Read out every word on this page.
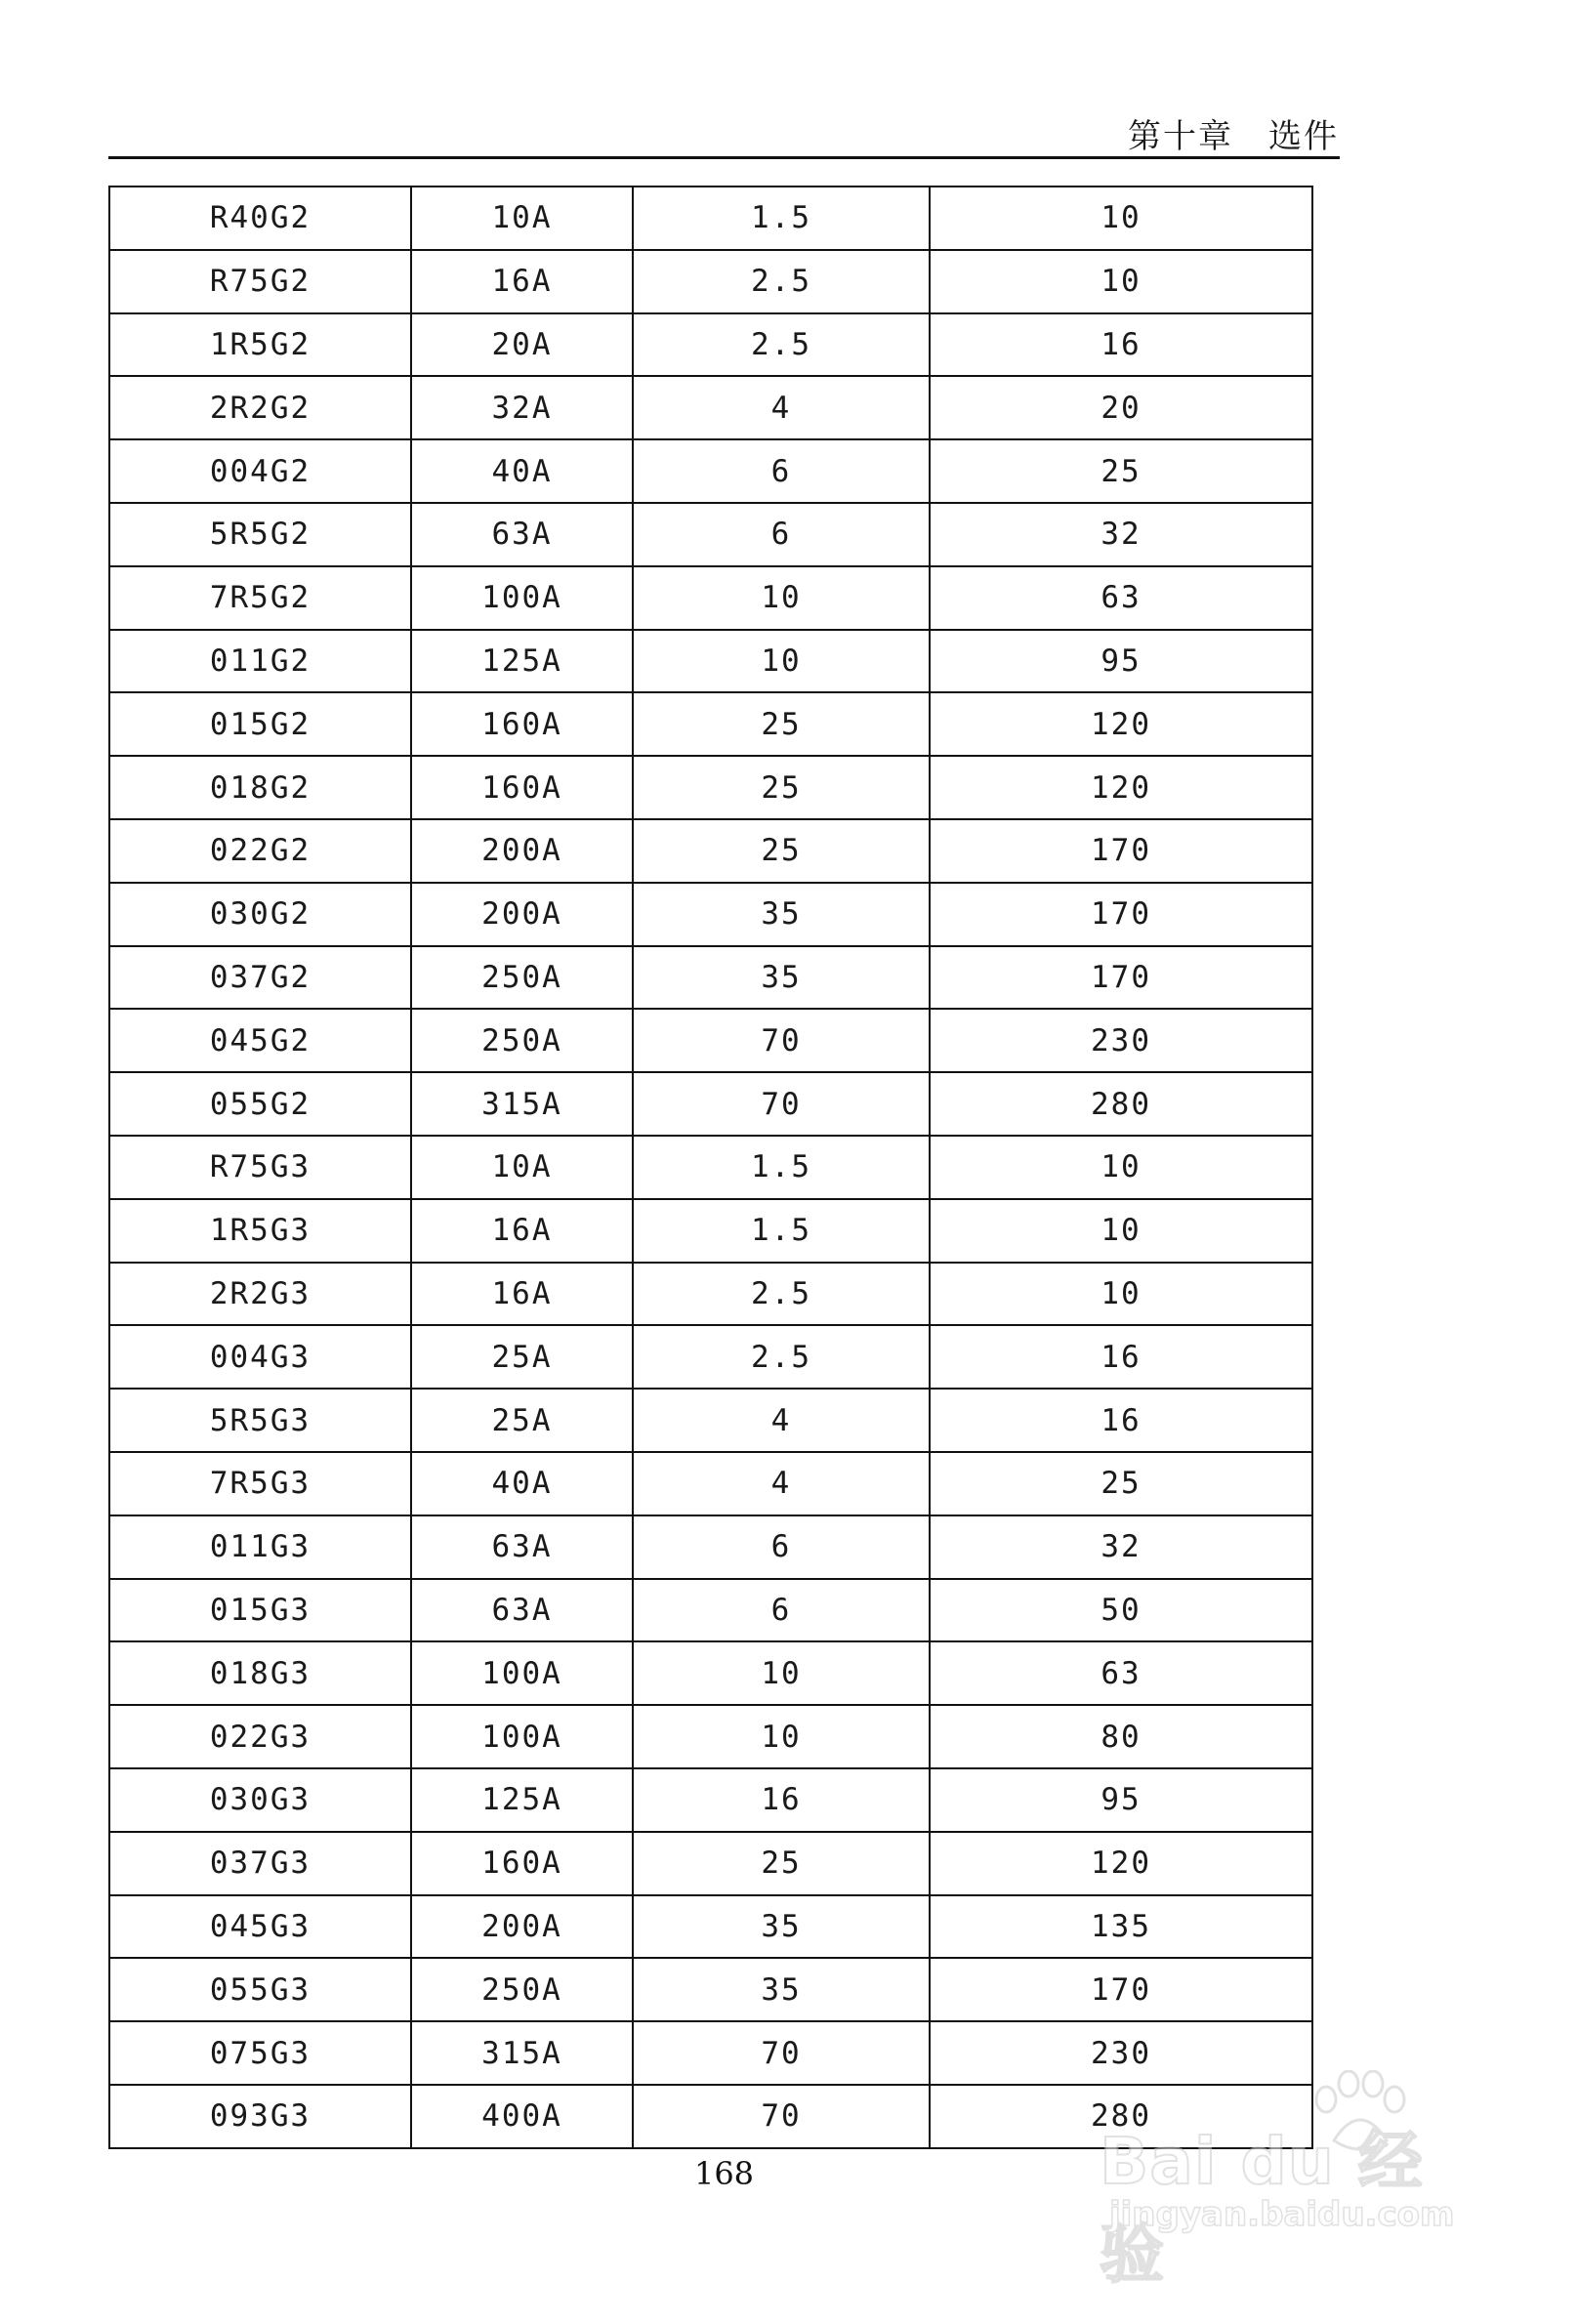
第十章　选件
R40G2	10A	1.5	10
R75G2	16A	2.5	10
1R5G2	20A	2.5	16
2R2G2	32A	4	20
004G2	40A	6	25
5R5G2	63A	6	32
7R5G2	100A	10	63
011G2	125A	10	95
015G2	160A	25	120
018G2	160A	25	120
022G2	200A	25	170
030G2	200A	35	170
037G2	250A	35	170
045G2	250A	70	230
055G2	315A	70	280
R75G3	10A	1.5	10
1R5G3	16A	1.5	10
2R2G3	16A	2.5	10
004G3	25A	2.5	16
5R5G3	25A	4	16
7R5G3	40A	4	25
011G3	63A	6	32
015G3	63A	6	50
018G3	100A	10	63
022G3	100A	10	80
030G3	125A	16	95
037G3	160A	25	120
045G3	200A	35	135
055G3	250A	35	170
075G3	315A	70	230
093G3	400A	70	280
168	Bai du 经验
jingyan.baidu.com
